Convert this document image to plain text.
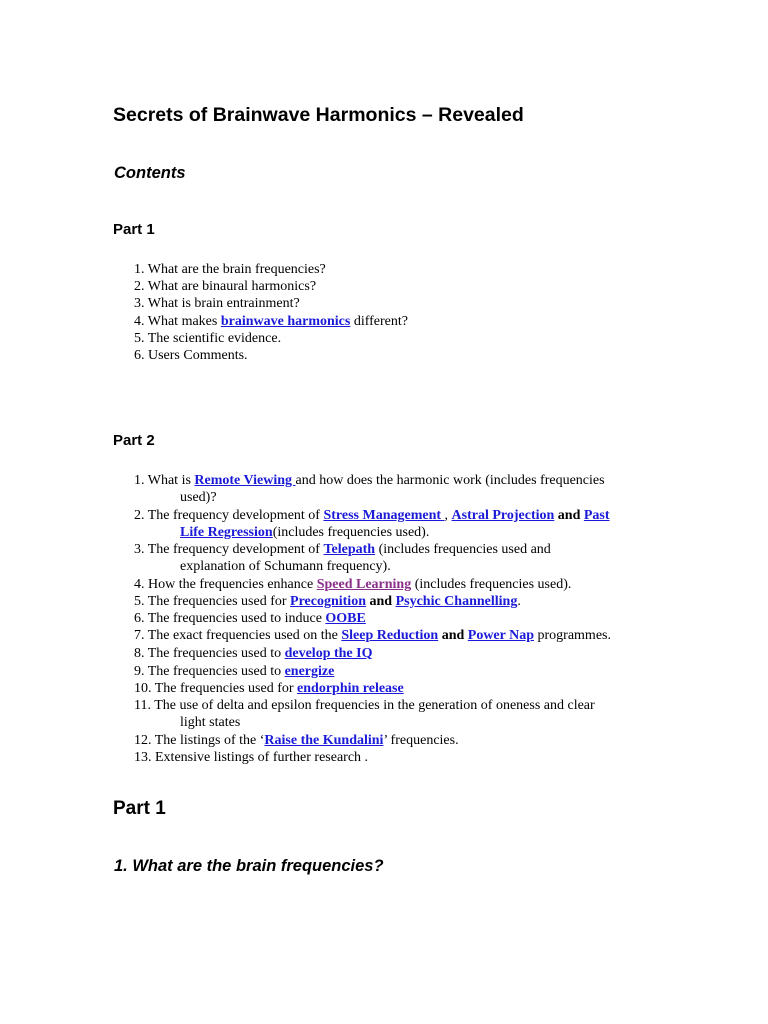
Secrets of Brainwave Harmonics – Revealed
Contents
Part 1
1. What are the brain frequencies?
2. What are binaural harmonics?
3. What is brain entrainment?
4. What makes brainwave harmonics different?
5. The scientific evidence.
6. Users Comments.
Part 2
1. What is Remote Viewing and how does the harmonic work (includes frequencies
used)?
2. The frequency development of Stress Management , Astral Projection and Past
Life Regression(includes frequencies used).
3. The frequency development of Telepath (includes frequencies used and
explanation of Schumann frequency).
4. How the frequencies enhance Speed Learning (includes frequencies used).
5. The frequencies used for Precognition and Psychic Channelling.
6. The frequencies used to induce OOBE
7. The exact frequencies used on the Sleep Reduction and Power Nap programmes.
8. The frequencies used to develop the IQ
9. The frequencies used to energize
10. The frequencies used for endorphin release
11. The use of delta and epsilon frequencies in the generation of oneness and clear
light states
12. The listings of the ‘Raise the Kundalini’ frequencies.
13. Extensive listings of further research .
Part 1
1. What are the brain frequencies?
